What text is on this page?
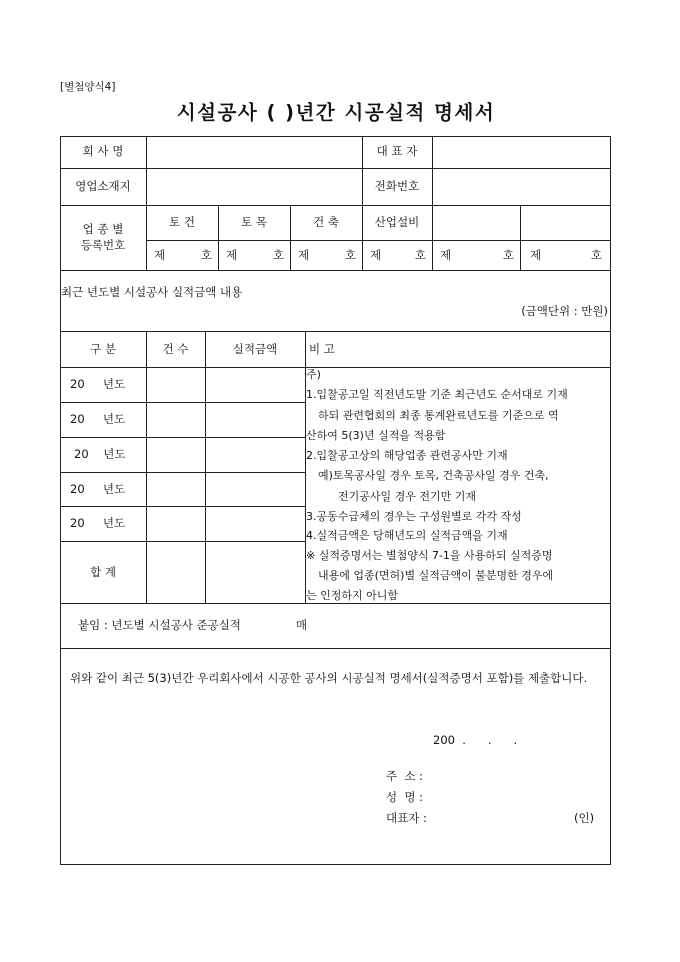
[별첨양식4]
시설공사 ( )년간 시공실적 명세서
회 사 명	대 표 자
영업소재지	전화번호
업 종 별
등록번호
토 건	토 목	건 축	산업설비
제	호 제	호 제	호 제	호 제	호 제	호
최근 년도별 시설공사 실적금액 내용
(금액단위 : 만원)
구 분	건 수	실적금액	비 고
20     년도
20     년도
20    년도
20     년도
20     년도
합 계
주)
1.입찰공고일 직전년도말 기준 최근년도 순서대로 기재
하되 관련협회의 최종 통계완료년도를 기준으로 역
산하여 5(3)년 실적을 적용함
2.입찰공고상의 해당업종 관련공사만 기재
예)토목공사일 경우 토목, 건축공사일 경우 건축,
전기공사일 경우 전기만 기재
3.공동수급체의 경우는 구성원별로 각각 작성
4.실적금액은 당해년도의 실적금액을 기재
※ 실적증명서는 별첨양식 7-1을 사용하되 실적증명
내용에 업종(면허)별 실적금액이 불분명한 경우에
는 인정하지 아니함
붙임 : 년도별 시설공사 준공실적	매
위와 같이 최근 5(3)년간 우리회사에서 시공한 공사의 시공실적 명세서(실적증명서 포함)를 제출합니다.
200  .      .      .
주  소 :
성  명 :
대표자 :	(인)
